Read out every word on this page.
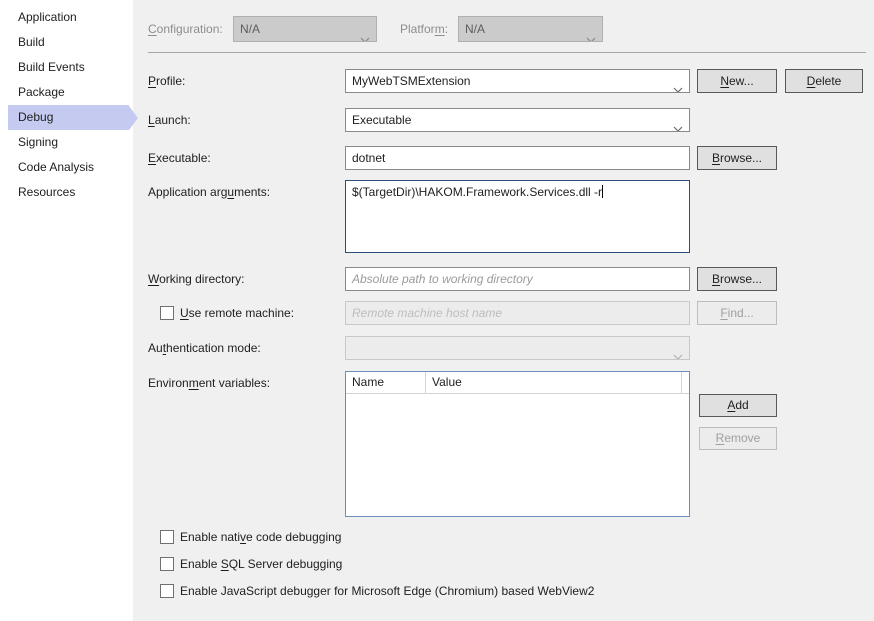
Application
Build
Build Events
Package
Debug
Signing
Code Analysis
Resources
Configuration:	N/A	Platform:	N/A
Profile:	MyWebTSMExtension	New...	Delete
Launch:	Executable
Executable:	dotnet	Browse...
Application arguments:	$(TargetDir)\HAKOM.Framework.Services.dll -r
Working directory:	Absolute path to working directory	Browse...
Use remote machine:	Remote machine host name	Find...
Authentication mode:
Environment variables:	Name	Value
Add
Remove
Enable native code debugging
Enable SQL Server debugging
Enable JavaScript debugger for Microsoft Edge (Chromium) based WebView2
